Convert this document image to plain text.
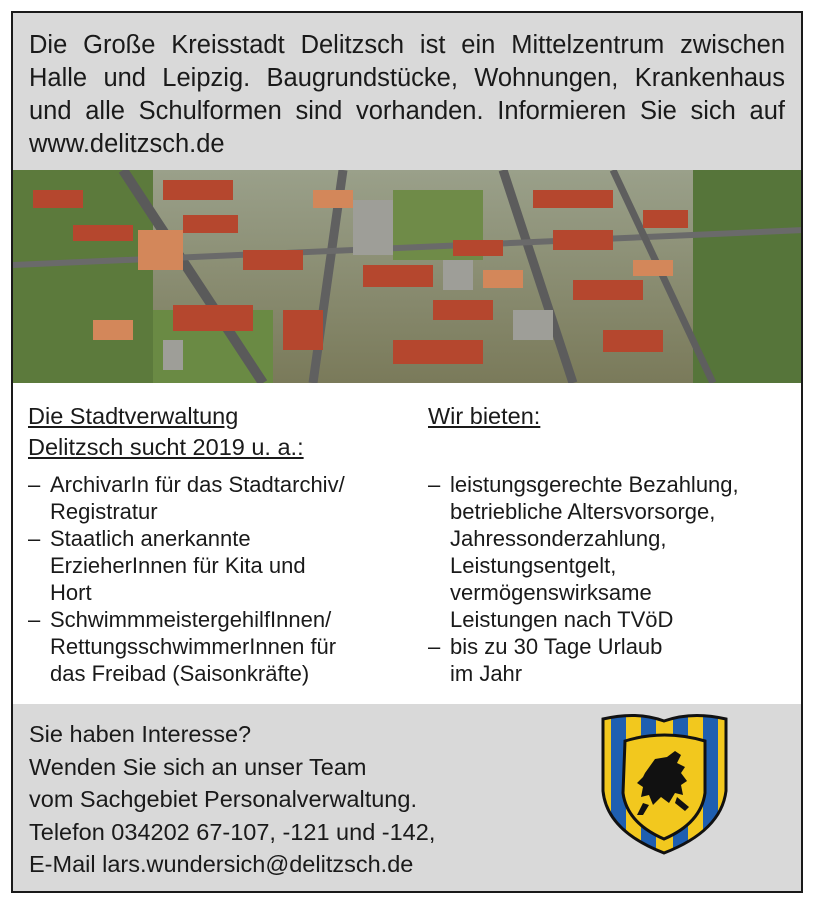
Die Große Kreisstadt Delitzsch ist ein Mittelzentrum zwischen Halle und Leipzig. Baugrundstücke, Wohnungen, Krankenhaus und alle Schulformen sind vorhanden. Informieren Sie sich auf www.delitzsch.de

Die Stadtverwaltung
Delitzsch sucht 2019 u. a.:

– ArchivarIn für das Stadtarchiv/
Registratur
– Staatlich anerkannte
ErzieherInnen für Kita und
Hort
– SchwimmmeistergehilfInnen/
RettungsschwimmerInnen für
das Freibad (Saisonkräfte)

Wir bieten:

– leistungsgerechte Bezahlung,
betriebliche Altersvorsorge,
Jahressonderzahlung,
Leistungsentgelt,
vermögenswirksame
Leistungen nach TVöD
– bis zu 30 Tage Urlaub
im Jahr

Sie haben Interesse?

Wenden Sie sich an unser Team

vom Sachgebiet Personalverwaltung.

Telefon 034202 67-107, -121 und -142,

E-Mail lars.wundersich@delitzsch.de
